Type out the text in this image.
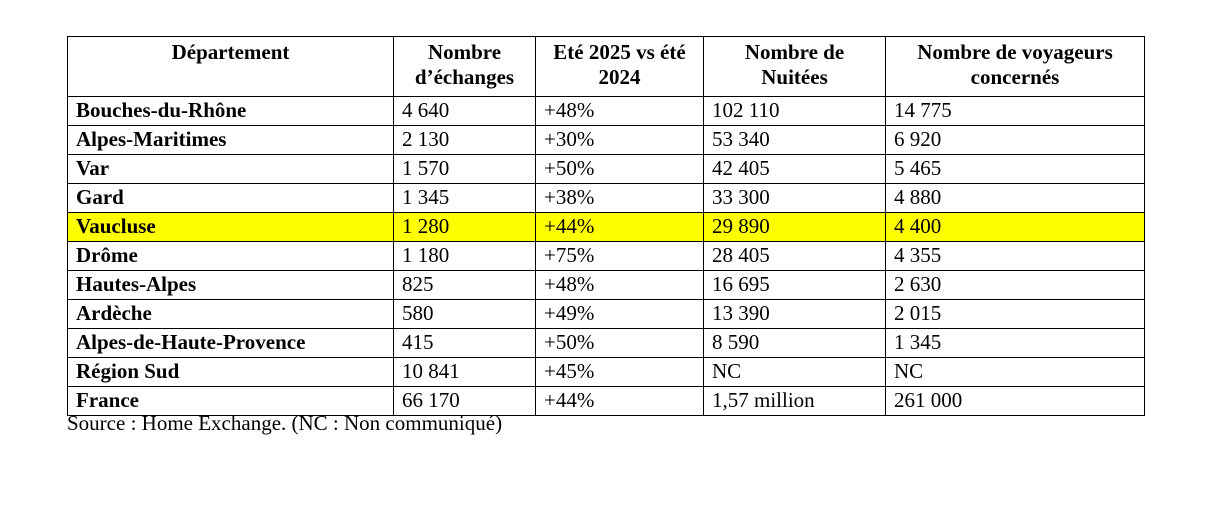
Département	Nombre d’échanges	Eté 2025 vs été 2024	Nombre de Nuitées	Nombre de voyageurs concernés
Bouches-du-Rhône	4 640	+48%	102 110	14 775
Alpes-Maritimes	2 130	+30%	53 340	6 920
Var	1 570	+50%	42 405	5 465
Gard	1 345	+38%	33 300	4 880
Vaucluse	1 280	+44%	29 890	4 400
Drôme	1 180	+75%	28 405	4 355
Hautes-Alpes	825	+48%	16 695	2 630
Ardèche	580	+49%	13 390	2 015
Alpes-de-Haute-Provence	415	+50%	8 590	1 345
Région Sud	10 841	+45%	NC	NC
France	66 170	+44%	1,57 million	261 000
Source : Home Exchange. (NC : Non communiqué)
